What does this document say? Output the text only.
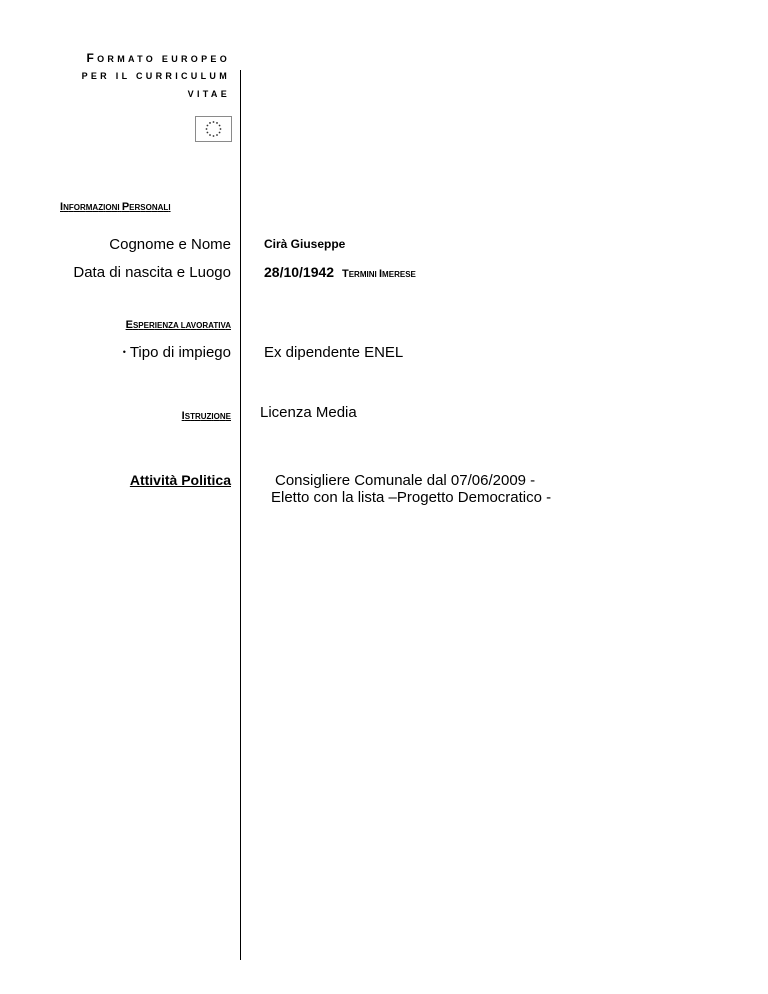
FORMATO EUROPEO
PER IL CURRICULUM
VITAE
INFORMAZIONI PERSONALI
Cognome e Nome	Cirà Giuseppe
Data di nascita e Luogo 28/10/1942 TERMINI IMERESE
ESPERIENZA LAVORATIVA
• Tipo di impiego Ex dipendente ENEL
ISTRUZIONE Licenza Media
Attività Politica	Consigliere Comunale dal 07/06/2009 -
Eletto con la lista –Progetto Democratico -
